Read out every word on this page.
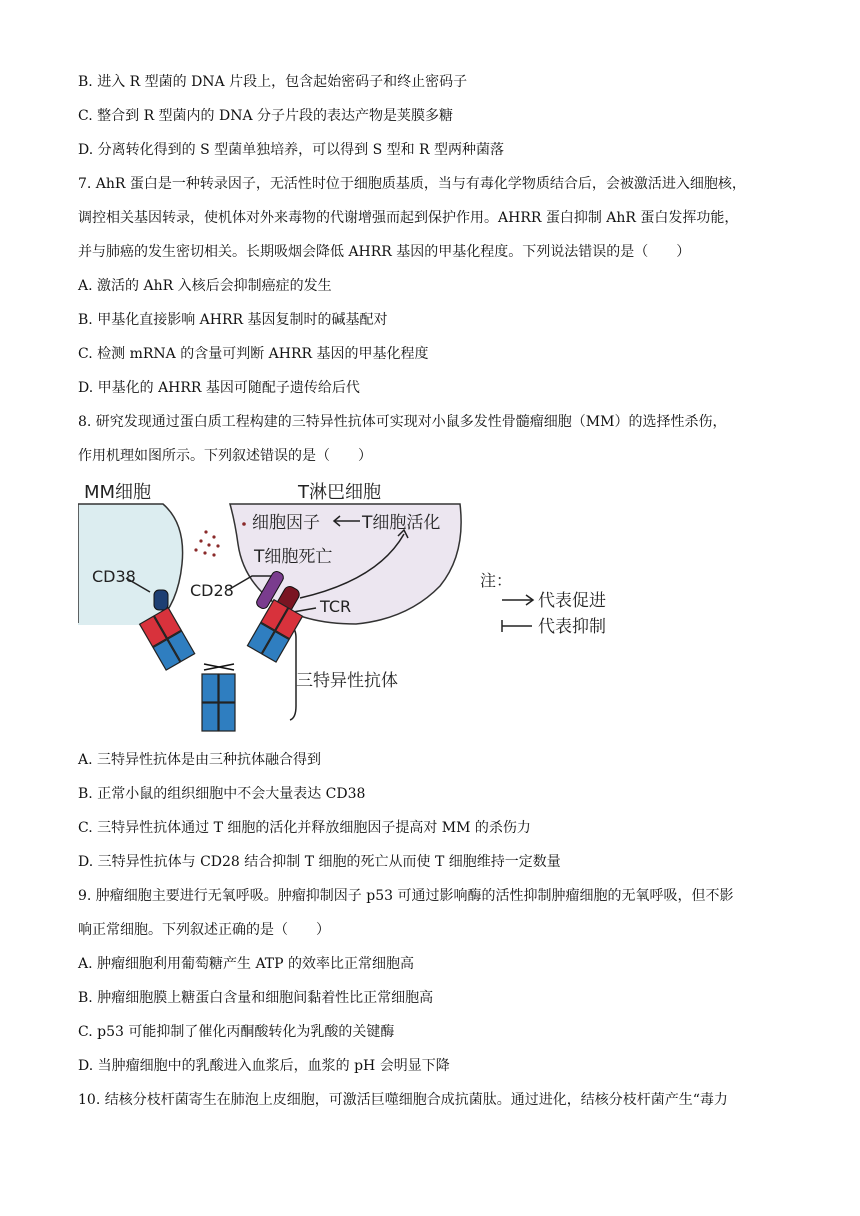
B. 进入 R 型菌的 DNA 片段上，包含起始密码子和终止密码子
C. 整合到 R 型菌内的 DNA 分子片段的表达产物是荚膜多糖
D. 分离转化得到的 S 型菌单独培养，可以得到 S 型和 R 型两种菌落
7. AhR 蛋白是一种转录因子，无活性时位于细胞质基质，当与有毒化学物质结合后，会被激活进入细胞核，
调控相关基因转录，使机体对外来毒物的代谢增强而起到保护作用。AHRR 蛋白抑制 AhR 蛋白发挥功能，
并与肺癌的发生密切相关。长期吸烟会降低 AHRR 基因的甲基化程度。下列说法错误的是（　　）
A. 激活的 AhR 入核后会抑制癌症的发生
B. 甲基化直接影响 AHRR 基因复制时的碱基配对
C. 检测 mRNA 的含量可判断 AHRR 基因的甲基化程度
D. 甲基化的 AHRR 基因可随配子遗传给后代
8. 研究发现通过蛋白质工程构建的三特异性抗体可实现对小鼠多发性骨髓瘤细胞（MM）的选择性杀伤，
作用机理如图所示。下列叙述错误的是（　　）
MM细胞	T淋巴细胞
细胞因子 T细胞活化
T细胞死亡
CD38
CD28
TCR
三特异性抗体
注：
代表促进
代表抑制
A. 三特异性抗体是由三种抗体融合得到
B. 正常小鼠的组织细胞中不会大量表达 CD38
C. 三特异性抗体通过 T 细胞的活化并释放细胞因子提高对 MM 的杀伤力
D. 三特异性抗体与 CD28 结合抑制 T 细胞的死亡从而使 T 细胞维持一定数量
9. 肿瘤细胞主要进行无氧呼吸。肿瘤抑制因子 p53 可通过影响酶的活性抑制肿瘤细胞的无氧呼吸，但不影
响正常细胞。下列叙述正确的是（　　）
A. 肿瘤细胞利用葡萄糖产生 ATP 的效率比正常细胞高
B. 肿瘤细胞膜上糖蛋白含量和细胞间黏着性比正常细胞高
C. p53 可能抑制了催化丙酮酸转化为乳酸的关键酶
D. 当肿瘤细胞中的乳酸进入血浆后，血浆的 pH 会明显下降
10. 结核分枝杆菌寄生在肺泡上皮细胞，可激活巨噬细胞合成抗菌肽。通过进化，结核分枝杆菌产生“毒力
